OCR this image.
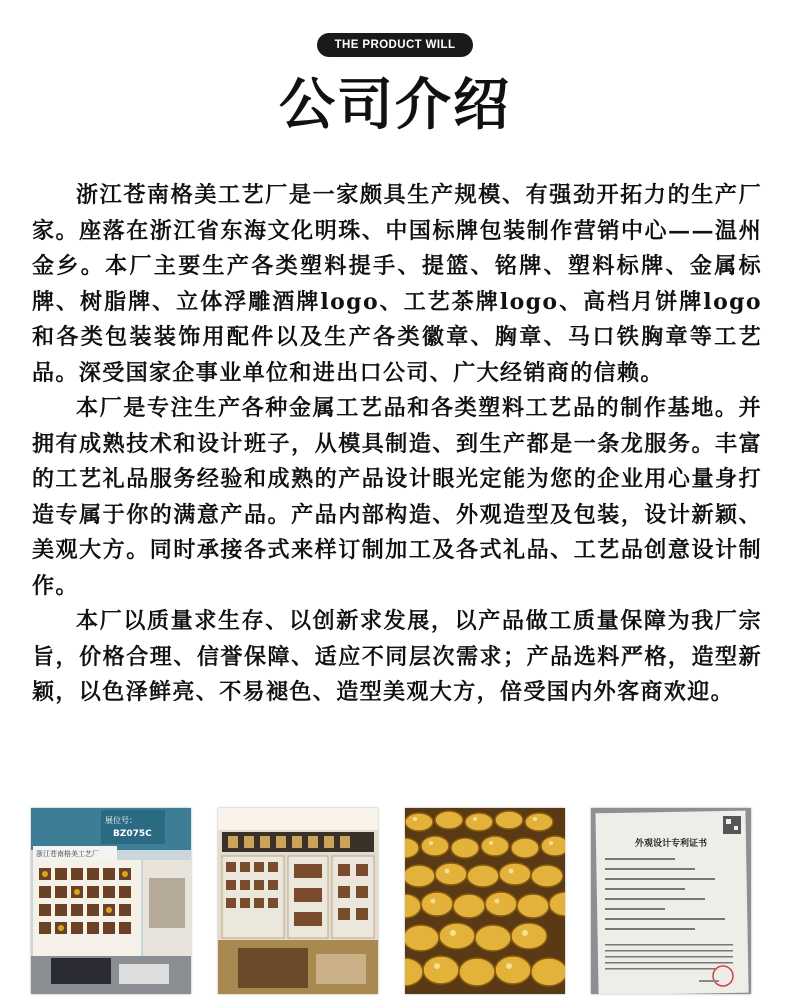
THE PRODUCT WILL
公司介绍

浙江苍南格美工艺厂是一家颇具生产规模、有强劲开拓力的生产厂家。座落在浙江省东海文化明珠、中国标牌包装制作营销中心——温州金乡。本厂主要生产各类塑料提手、提篮、铭牌、塑料标牌、金属标牌、树脂牌、立体浮雕酒牌logo、工艺茶牌logo、高档月饼牌logo和各类包装装饰用配件以及生产各类徽章、胸章、马口铁胸章等工艺品。深受国家企事业单位和进出口公司、广大经销商的信赖。

本厂是专注生产各种金属工艺品和各类塑料工艺品的制作基地。并拥有成熟技术和设计班子，从模具制造、到生产都是一条龙服务。丰富的工艺礼品服务经验和成熟的产品设计眼光定能为您的企业用心量身打造专属于你的满意产品。产品内部构造、外观造型及包装，设计新颖、美观大方。同时承接各式来样订制加工及各式礼品、工艺品创意设计制作。

本厂以质量求生存、以创新求发展，以产品做工质量保障为我厂宗旨，价格合理、信誉保障、适应不同层次需求；产品选料严格，造型新颖，以色泽鲜亮、不易褪色、造型美观大方，倍受国内外客商欢迎。

展位号：
BZ075C
浙江苍南格美工艺厂
外观设计专利证书
